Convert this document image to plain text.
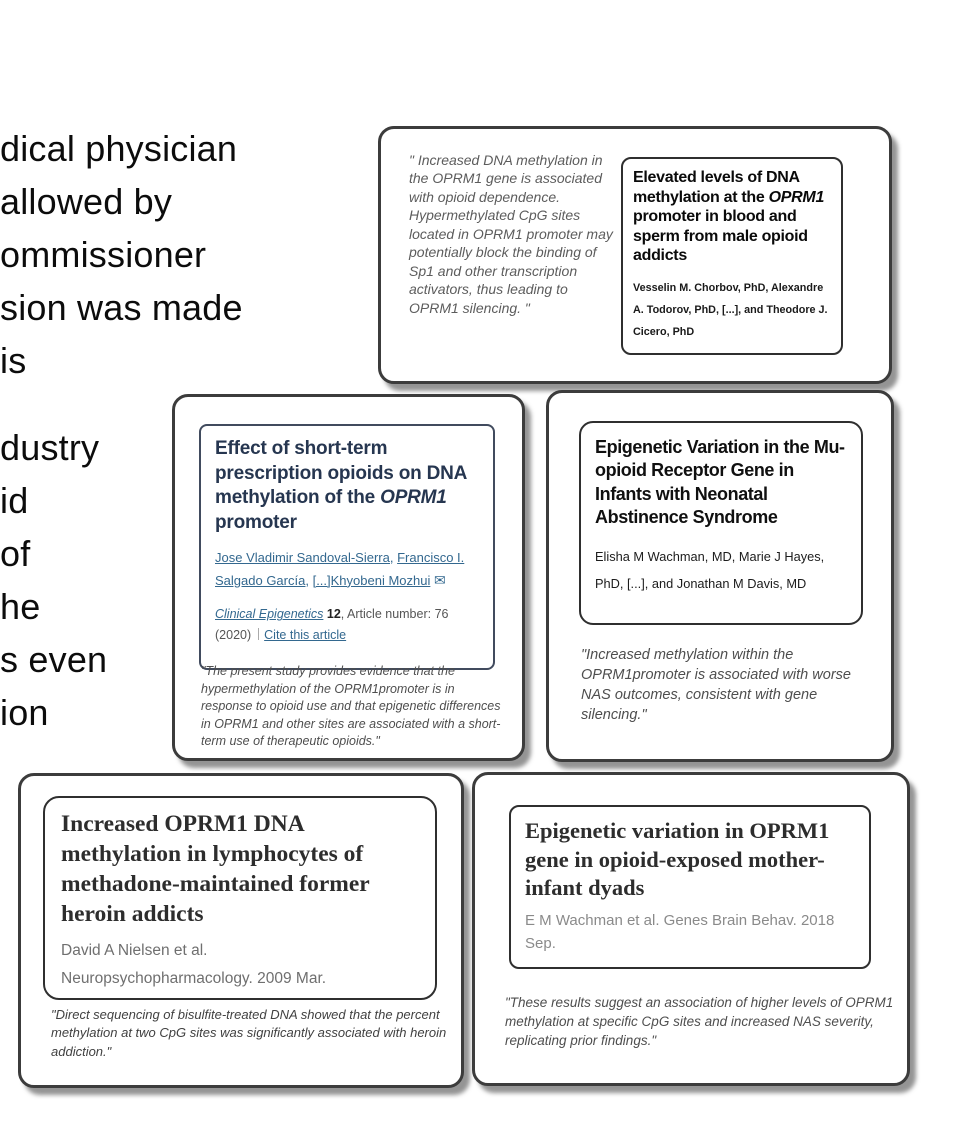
dical physician
allowed by
ommissioner
sion was made
is
dustry
id
of
he
s even
ion
" Increased DNA methylation in the OPRM1 gene is associated with opioid dependence. Hypermethylated CpG sites located in OPRM1 promoter may potentially block the binding of Sp1 and other transcription activators, thus leading to OPRM1 silencing. "
Elevated levels of DNA methylation at the OPRM1 promoter in blood and sperm from male opioid addicts
Vesselin M. Chorbov, PhD, Alexandre A. Todorov, PhD, [...], and Theodore J. Cicero, PhD
Effect of short-term prescription opioids on DNA methylation of the OPRM1 promoter
Jose Vladimir Sandoval-Sierra, Francisco I. Salgado García, [...]Khyobeni Mozhui ✉
Clinical Epigenetics 12, Article number: 76 (2020) Cite this article
"The present study provides evidence that the hypermethylation of the OPRM1promoter is in response to opioid use and that epigenetic differences in OPRM1 and other sites are associated with a short-term use of therapeutic opioids."
Epigenetic Variation in the Mu-opioid Receptor Gene in Infants with Neonatal Abstinence Syndrome
Elisha M Wachman, MD, Marie J Hayes, PhD, [...], and Jonathan M Davis, MD
"Increased methylation within the OPRM1promoter is associated with worse NAS outcomes, consistent with gene silencing."
Increased OPRM1 DNA methylation in lymphocytes of methadone-maintained former heroin addicts
David A Nielsen et al.
Neuropsychopharmacology. 2009 Mar.
"Direct sequencing of bisulfite-treated DNA showed that the percent methylation at two CpG sites was significantly associated with heroin addiction."
Epigenetic variation in OPRM1 gene in opioid-exposed mother-infant dyads
E M Wachman et al. Genes Brain Behav. 2018 Sep.
"These results suggest an association of higher levels of OPRM1 methylation at specific CpG sites and increased NAS severity, replicating prior findings."
